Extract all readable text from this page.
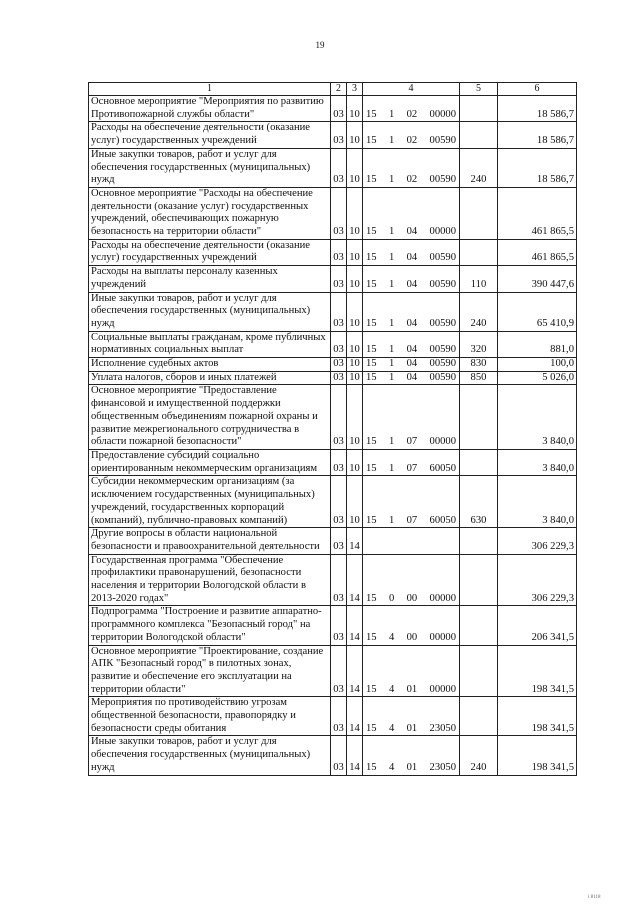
19
1	2	3	4	5	6
Основное мероприятие "Мероприятия по развитию Противопожарной службы области"	03	10	15 1 02 00000		18 586,7
Расходы на обеспечение деятельности (оказание услуг) государственных учреждений	03	10	15 1 02 00590		18 586,7
Иные закупки товаров, работ и услуг для обеспечения государственных (муниципальных) нужд	03	10	15 1 02 00590	240	18 586,7
Основное мероприятие "Расходы на обеспечение деятельности (оказание услуг) государственных учреждений, обеспечивающих пожарную безопасность на территории области"	03	10	15 1 04 00000		461 865,5
Расходы на обеспечение деятельности (оказание услуг) государственных учреждений	03	10	15 1 04 00590		461 865,5
Расходы на выплаты персоналу казенных учреждений	03	10	15 1 04 00590	110	390 447,6
Иные закупки товаров, работ и услуг для обеспечения государственных (муниципальных) нужд	03	10	15 1 04 00590	240	65 410,9
Социальные выплаты гражданам, кроме публичных нормативных социальных выплат	03	10	15 1 04 00590	320	881,0
Исполнение судебных актов	03	10	15 1 04 00590	830	100,0
Уплата налогов, сборов и иных платежей	03	10	15 1 04 00590	850	5 026,0
Основное мероприятие "Предоставление финансовой и имущественной поддержки общественным объединениям пожарной охраны и развитие межрегионального сотрудничества в области пожарной безопасности"	03	10	15 1 07 00000		3 840,0
Предоставление субсидий социально ориентированным некоммерческим организациям	03	10	15 1 07 60050		3 840,0
Субсидии некоммерческим организациям (за исключением государственных (муниципальных) учреждений, государственных корпораций (компаний), публично-правовых компаний)	03	10	15 1 07 60050	630	3 840,0
Другие вопросы в области национальной безопасности и правоохранительной деятельности	03	14			306 229,3
Государственная программа "Обеспечение профилактики правонарушений, безопасности населения и территории Вологодской области в 2013-2020 годах"	03	14	15 0 00 00000		306 229,3
Подпрограмма "Построение и развитие аппаратно-программного комплекса "Безопасный город" на территории Вологодской области"	03	14	15 4 00 00000		206 341,5
Основное мероприятие "Проектирование, создание АПК "Безопасный город" в пилотных зонах, развитие и обеспечение его эксплуатации на территории области"	03	14	15 4 01 00000		198 341,5
Мероприятия по противодействию угрозам общественной безопасности, правопорядку и безопасности среды обитания	03	14	15 4 01 23050		198 341,5
Иные закупки товаров, работ и услуг для обеспечения государственных (муниципальных) нужд	03	14	15 4 01 23050	240	198 341,5
i 8118
